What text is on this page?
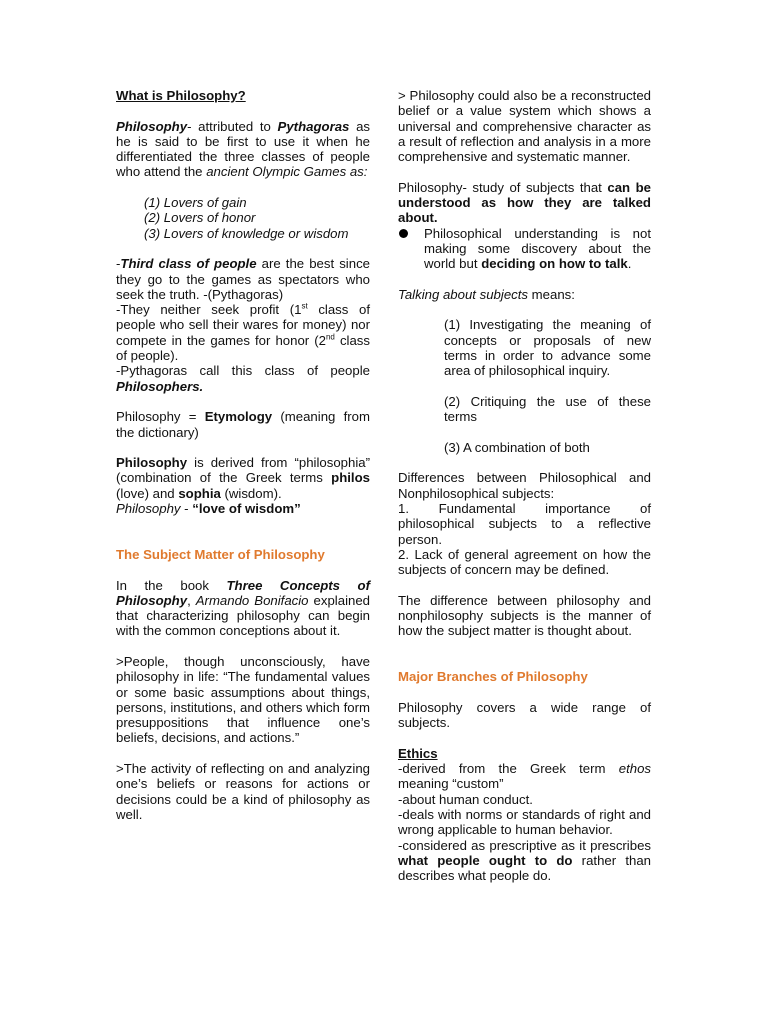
What is Philosophy?

Philosophy- attributed to Pythagoras as he is said to be first to use it when he differentiated the three classes of people who attend the ancient Olympic Games as:

(1) Lovers of gain

(2) Lovers of honor

(3) Lovers of knowledge or wisdom

-Third class of people are the best since they go to the games as spectators who seek the truth. -(Pythagoras)

-They neither seek profit (1st class of people who sell their wares for money) nor compete in the games for honor (2nd class of people).

-Pythagoras call this class of people Philosophers.

Philosophy = Etymology (meaning from the dictionary)

Philosophy is derived from “philosophia” (combination of the Greek terms philos (love) and sophia (wisdom).

Philosophy - “love of wisdom”

The Subject Matter of Philosophy

In the book Three Concepts of Philosophy, Armando Bonifacio explained that characterizing philosophy can begin with the common conceptions about it.

>People, though unconsciously, have philosophy in life: “The fundamental values or some basic assumptions about things, persons, institutions, and others which form presuppositions that influence one’s beliefs, decisions, and actions.”

>The activity of reflecting on and analyzing one’s beliefs or reasons for actions or decisions could be a kind of philosophy as well.

> Philosophy could also be a reconstructed belief or a value system which shows a universal and comprehensive character as a result of reflection and analysis in a more comprehensive and systematic manner.

Philosophy- study of subjects that can be understood as how they are talked about.

Philosophical understanding is not making some discovery about the world but deciding on how to talk.

Talking about subjects means:

(1) Investigating the meaning of concepts or proposals of new terms in order to advance some area of philosophical inquiry.

(2) Critiquing the use of these terms

(3) A combination of both

Differences between Philosophical and Nonphilosophical subjects:

1. Fundamental importance of philosophical subjects to a reflective person.

2. Lack of general agreement on how the subjects of concern may be defined.

The difference between philosophy and nonphilosophy subjects is the manner of how the subject matter is thought about.

Major Branches of Philosophy

Philosophy covers a wide range of subjects.

Ethics

-derived from the Greek term ethos meaning “custom”

-about human conduct.

-deals with norms or standards of right and wrong applicable to human behavior.

-considered as prescriptive as it prescribes what people ought to do rather than describes what people do.
